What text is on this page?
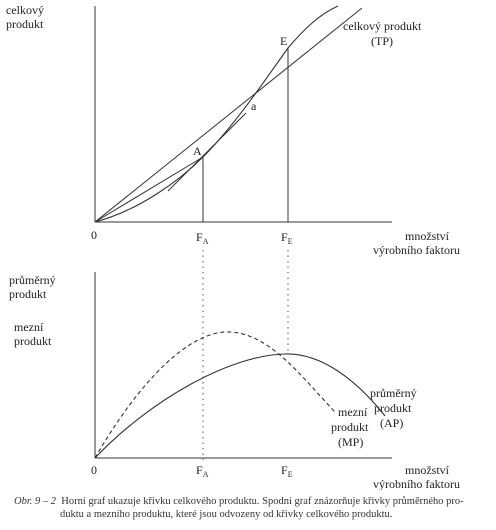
celkový
produkt
E
A
a
celkový produkt
(TP)
0	$F_A$	$F_E$	množství
výrobního faktoru
průměrný
produkt
mezní
produkt
průměrný
produkt
(AP)
mezní
produkt
(MP)
0	$F_A$	$F_E$	množství
výrobního faktoru
Obr. 9 – 2 Horní graf ukazuje křivku celkového produktu. Spodní graf znázorňuje křivky průměrného pro-
duktu a mezního produktu, které jsou odvozeny od křivky celkového produktu.
